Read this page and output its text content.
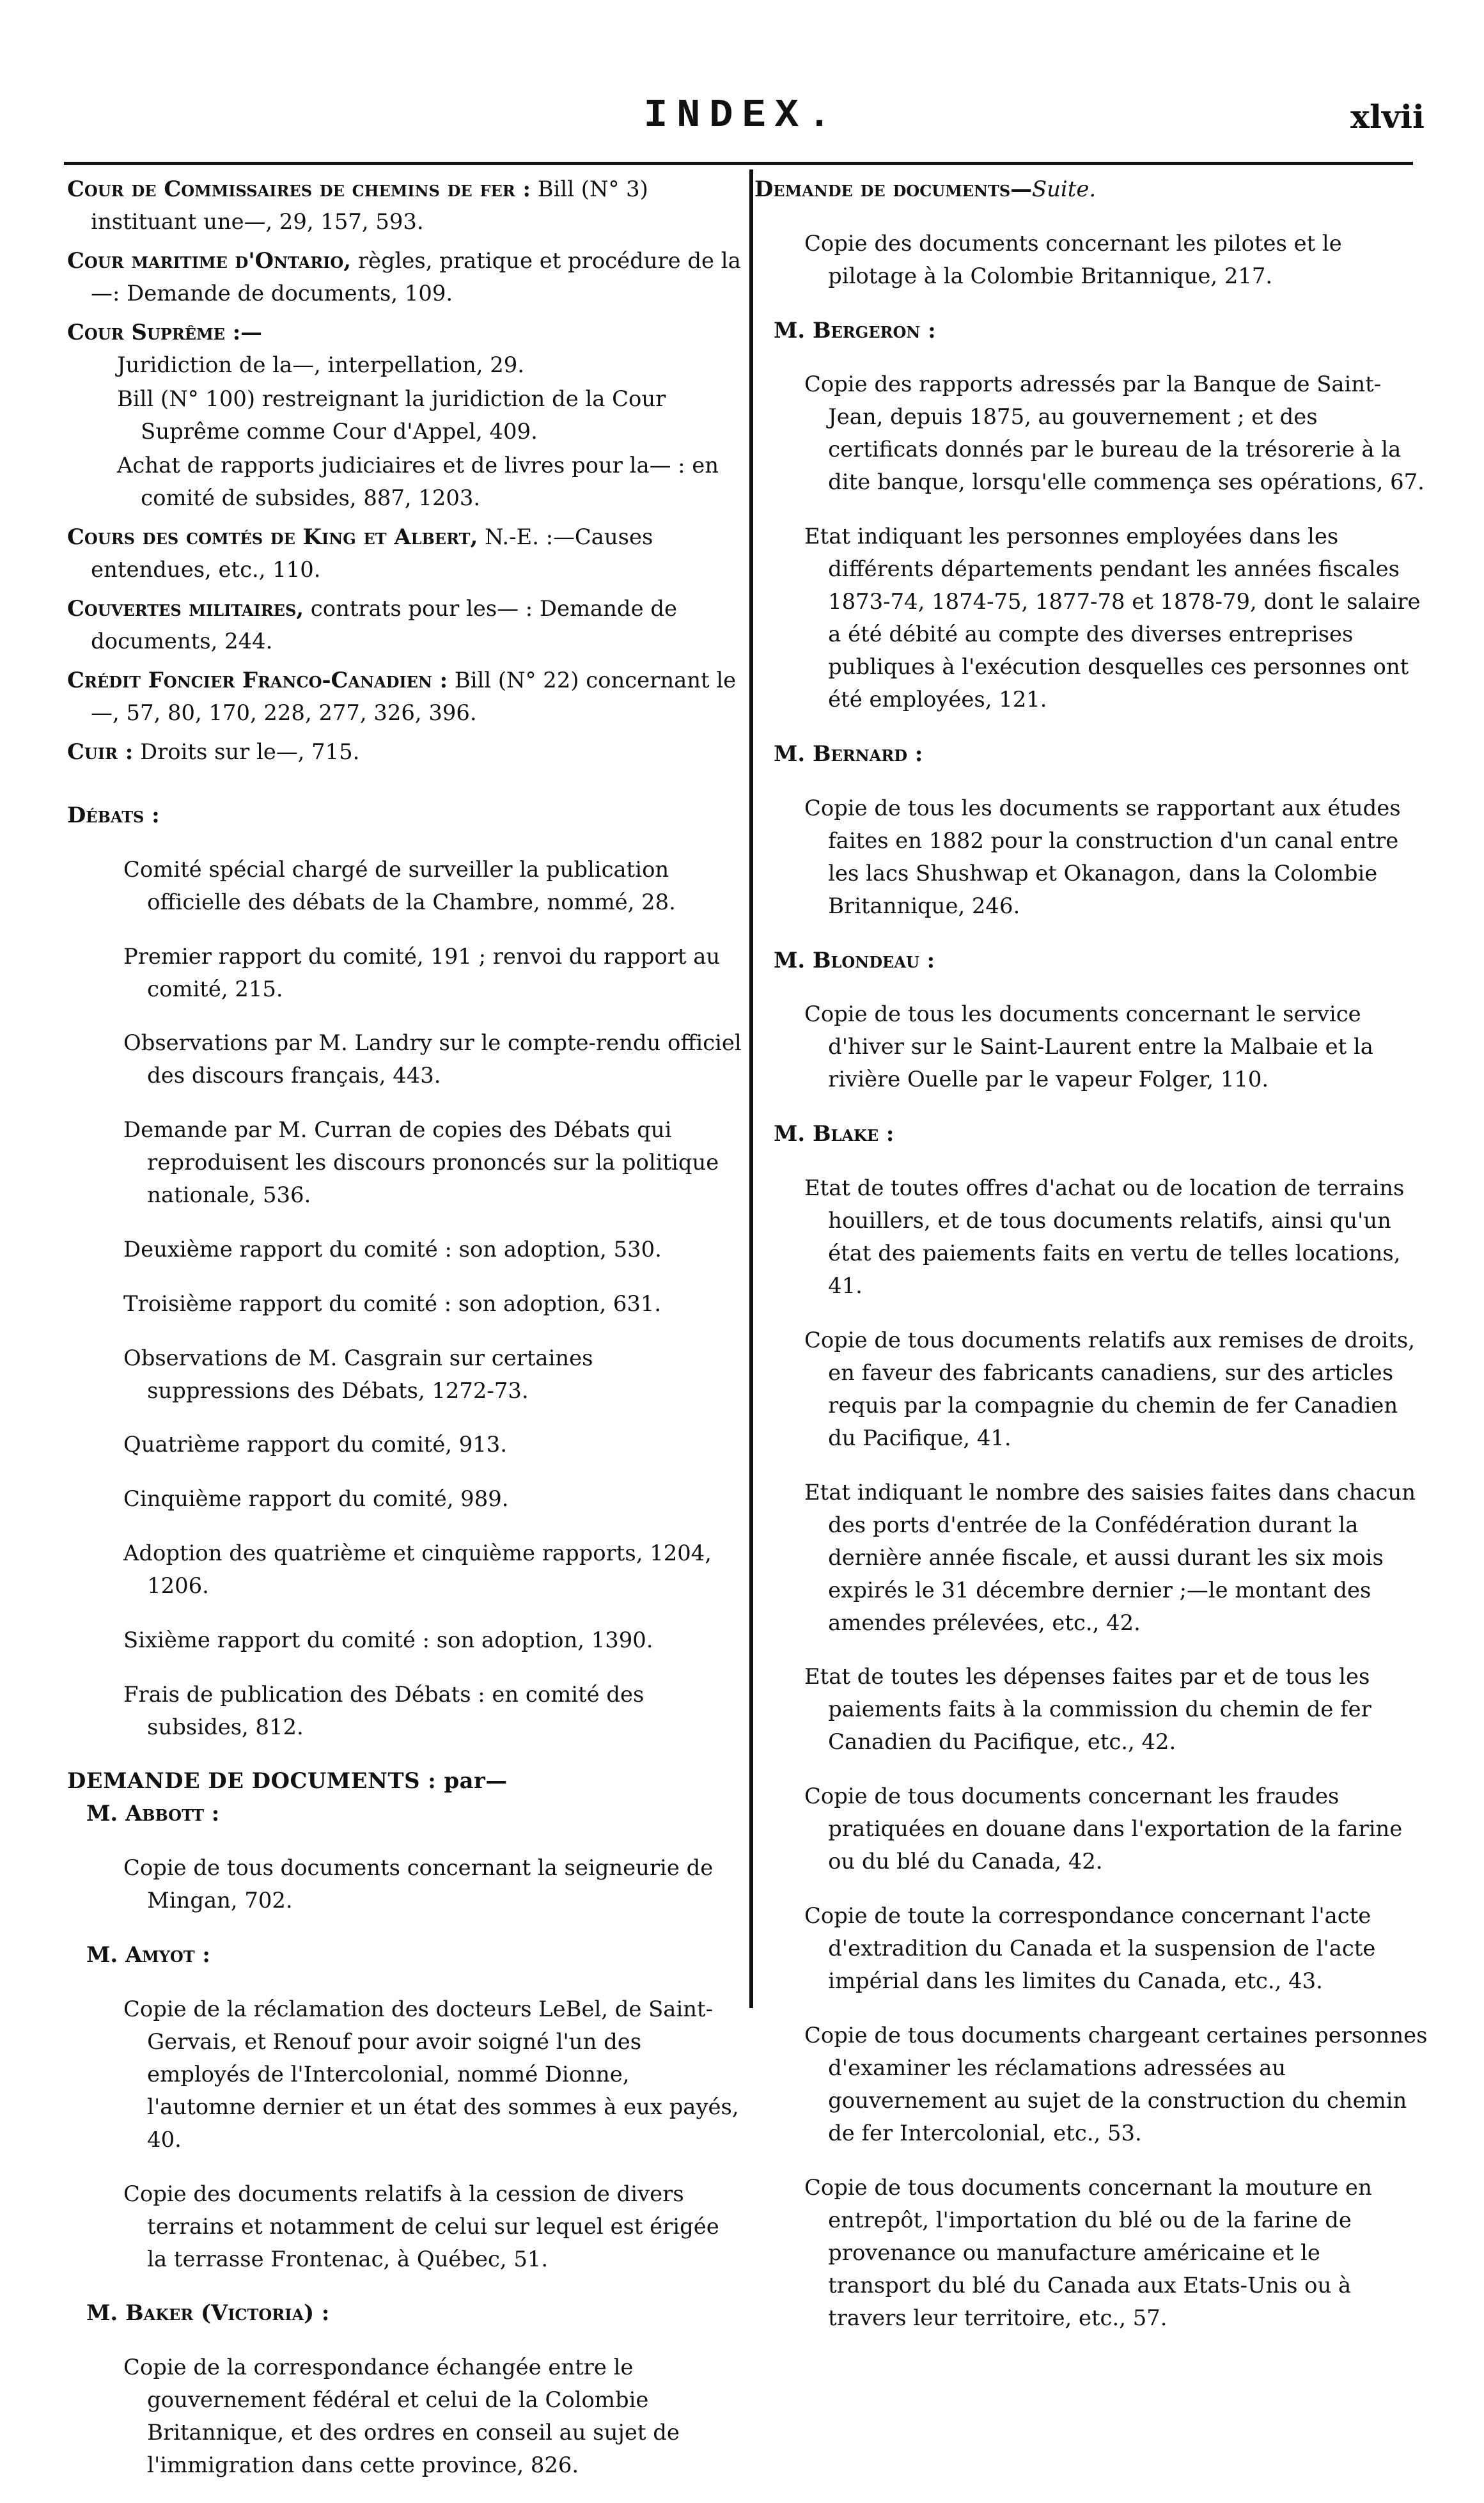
INDEX.	xlvii

Cour de Commissaires de chemins de fer : Bill (N° 3) instituant une—, 29, 157, 593.

Cour maritime d'Ontario, règles, pratique et procédure de la—: Demande de documents, 109.

Cour Suprême :—

Juridiction de la—, interpellation, 29.

Bill (N° 100) restreignant la juridiction de la Cour Suprême comme Cour d'Appel, 409.

Achat de rapports judiciaires et de livres pour la— : en comité de subsides, 887, 1203.

Cours des comtés de King et Albert, N.-E. :—Causes entendues, etc., 110.

Couvertes militaires, contrats pour les— : Demande de documents, 244.

Crédit Foncier Franco-Canadien : Bill (N° 22) concernant le—, 57, 80, 170, 228, 277, 326, 396.

Cuir : Droits sur le—, 715.

Débats :

Comité spécial chargé de surveiller la publication officielle des débats de la Chambre, nommé, 28.

Premier rapport du comité, 191 ; renvoi du rapport au comité, 215.

Observations par M. Landry sur le compte-rendu officiel des discours français, 443.

Demande par M. Curran de copies des Débats qui reproduisent les discours prononcés sur la politique nationale, 536.

Deuxième rapport du comité : son adoption, 530.

Troisième rapport du comité : son adoption, 631.

Observations de M. Casgrain sur certaines suppressions des Débats, 1272-73.

Quatrième rapport du comité, 913.

Cinquième rapport du comité, 989.

Adoption des quatrième et cinquième rapports, 1204, 1206.

Sixième rapport du comité : son adoption, 1390.

Frais de publication des Débats : en comité des subsides, 812.

DEMANDE DE DOCUMENTS : par—

M. Abbott :

Copie de tous documents concernant la seigneurie de Mingan, 702.

M. Amyot :

Copie de la réclamation des docteurs LeBel, de Saint-Gervais, et Renouf pour avoir soigné l'un des employés de l'Intercolonial, nommé Dionne, l'automne dernier et un état des sommes à eux payés, 40.

Copie des documents relatifs à la cession de divers terrains et notamment de celui sur lequel est érigée la terrasse Frontenac, à Québec, 51.

M. Baker (Victoria) :

Copie de la correspondance échangée entre le gouvernement fédéral et celui de la Colombie Britannique, et des ordres en conseil au sujet de l'immigration dans cette province, 826.

Demande de documents—Suite.

Copie des documents concernant les pilotes et le pilotage à la Colombie Britannique, 217.

M. Bergeron :

Copie des rapports adressés par la Banque de Saint-Jean, depuis 1875, au gouvernement ; et des certificats donnés par le bureau de la trésorerie à la dite banque, lorsqu'elle commença ses opérations, 67.

Etat indiquant les personnes employées dans les différents départements pendant les années fiscales 1873-74, 1874-75, 1877-78 et 1878-79, dont le salaire a été débité au compte des diverses entreprises publiques à l'exécution desquelles ces personnes ont été employées, 121.

M. Bernard :

Copie de tous les documents se rapportant aux études faites en 1882 pour la construction d'un canal entre les lacs Shushwap et Okanagon, dans la Colombie Britannique, 246.

M. Blondeau :

Copie de tous les documents concernant le service d'hiver sur le Saint-Laurent entre la Malbaie et la rivière Ouelle par le vapeur Folger, 110.

M. Blake :

Etat de toutes offres d'achat ou de location de terrains houillers, et de tous documents relatifs, ainsi qu'un état des paiements faits en vertu de telles locations, 41.

Copie de tous documents relatifs aux remises de droits, en faveur des fabricants canadiens, sur des articles requis par la compagnie du chemin de fer Canadien du Pacifique, 41.

Etat indiquant le nombre des saisies faites dans chacun des ports d'entrée de la Confédération durant la dernière année fiscale, et aussi durant les six mois expirés le 31 décembre dernier ;—le montant des amendes prélevées, etc., 42.

Etat de toutes les dépenses faites par et de tous les paiements faits à la commission du chemin de fer Canadien du Pacifique, etc., 42.

Copie de tous documents concernant les fraudes pratiquées en douane dans l'exportation de la farine ou du blé du Canada, 42.

Copie de toute la correspondance concernant l'acte d'extradition du Canada et la suspension de l'acte impérial dans les limites du Canada, etc., 43.

Copie de tous documents chargeant certaines personnes d'examiner les réclamations adressées au gouvernement au sujet de la construction du chemin de fer Intercolonial, etc., 53.

Copie de tous documents concernant la mouture en entrepôt, l'importation du blé ou de la farine de provenance ou manufacture américaine et le transport du blé du Canada aux Etats-Unis ou à travers leur territoire, etc., 57.
